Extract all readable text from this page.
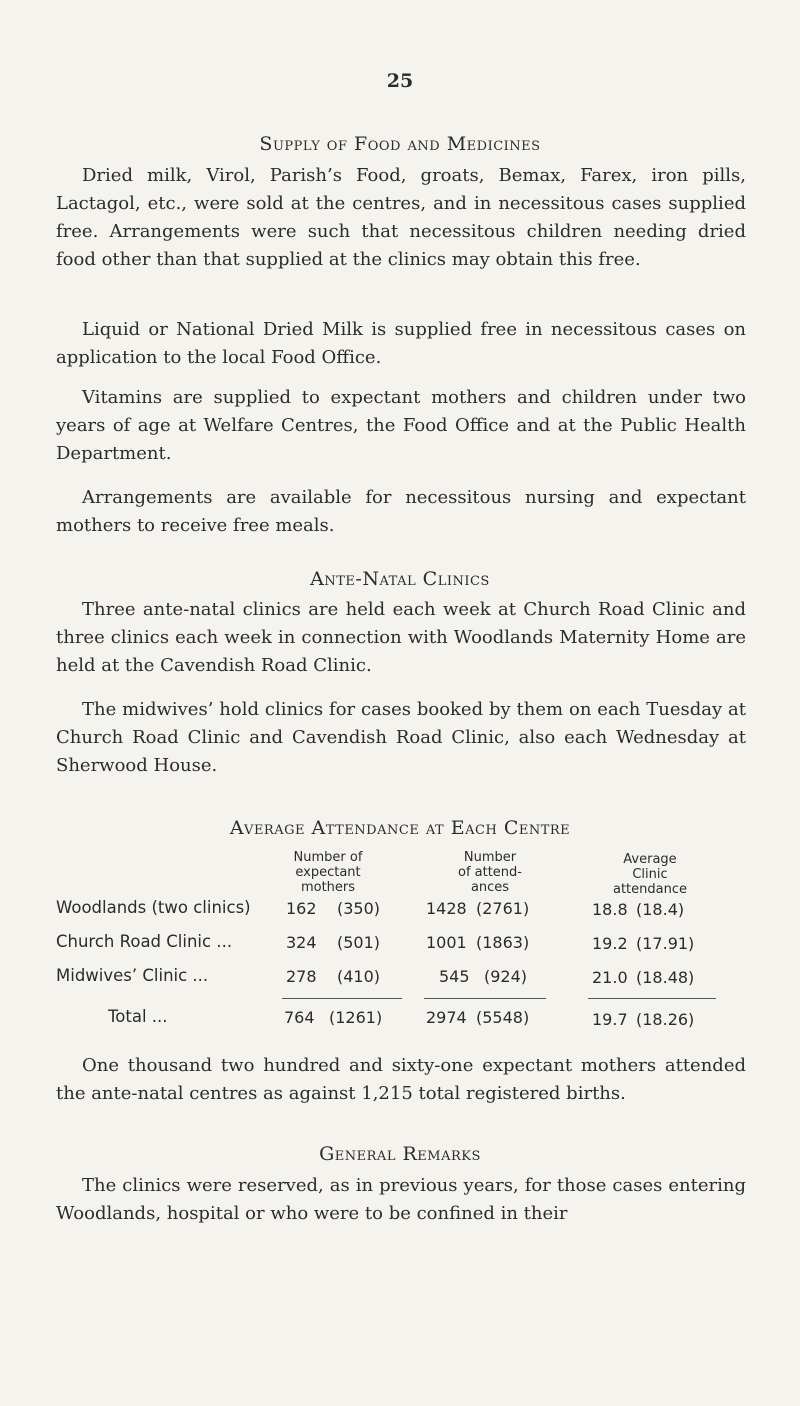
25
Supply of Food and Medicines

Dried milk, Virol, Parish’s Food, groats, Bemax, Farex, iron pills, Lactagol, etc., were sold at the centres, and in necessitous cases supplied free. Arrangements were such that necessitous children needing dried food other than that supplied at the clinics may obtain this free.

Liquid or National Dried Milk is supplied free in necessitous cases on application to the local Food Office.

Vitamins are supplied to expectant mothers and children under two years of age at Welfare Centres, the Food Office and at the Public Health Department.

Arrangements are available for necessitous nursing and expectant mothers to receive free meals.

Ante-Natal Clinics

Three ante-natal clinics are held each week at Church Road Clinic and three clinics each week in connection with Woodlands Maternity Home are held at the Cavendish Road Clinic.

The midwives’ hold clinics for cases booked by them on each Tuesday at Church Road Clinic and Cavendish Road Clinic, also each Wednesday at Sherwood House.

Average Attendance at Each Centre
Number of
expectant
mothers
Number
of attend-
ances
Average
Clinic
attendance
Woodlands (two clinics) 162 (350)	1428 (2761)	18.8 (18.4)
Church Road Clinic ...	324 (501)	1001 (1863)	19.2 (17.91)
Midwives’ Clinic ...	278 (410)	545 (924)	21.0 (18.48)
Total ...	764 (1261)	2974 (5548)	19.7 (18.26)

One thousand two hundred and sixty-one expectant mothers attended the ante-natal centres as against 1,215 total registered births.

General Remarks

The clinics were reserved, as in previous years, for those cases entering Woodlands, hospital or who were to be confined in their
